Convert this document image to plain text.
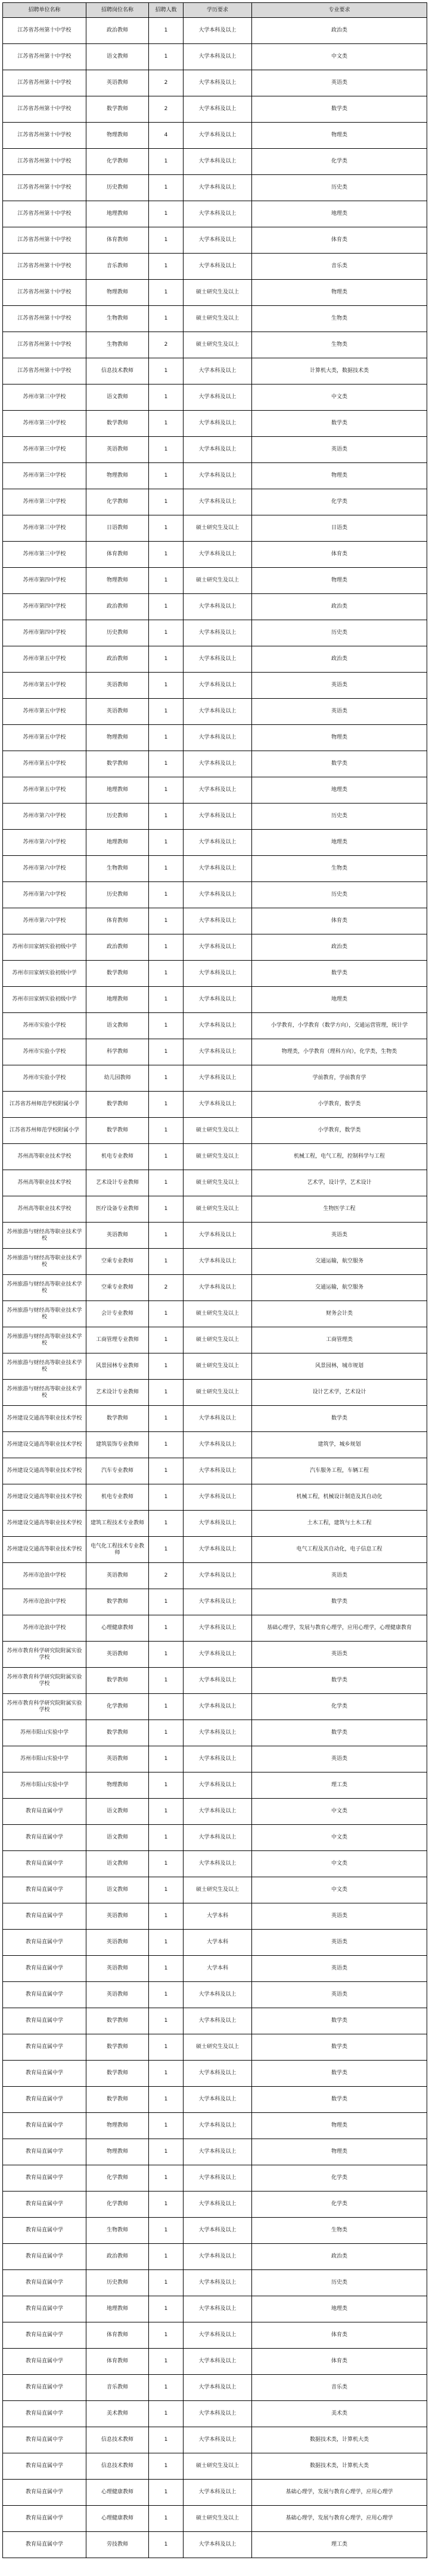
招聘单位名称	招聘岗位名称	招聘人数	学历要求	专业要求
江苏省苏州第十中学校	政治教师	1	大学本科及以上	政治类
江苏省苏州第十中学校	语文教师	1	大学本科及以上	中文类
江苏省苏州第十中学校	英语教师	2	大学本科及以上	英语类
江苏省苏州第十中学校	数学教师	2	大学本科及以上	数学类
江苏省苏州第十中学校	物理教师	4	大学本科及以上	物理类
江苏省苏州第十中学校	化学教师	1	大学本科及以上	化学类
江苏省苏州第十中学校	历史教师	1	大学本科及以上	历史类
江苏省苏州第十中学校	地理教师	1	大学本科及以上	地理类
江苏省苏州第十中学校	体育教师	1	大学本科及以上	体育类
江苏省苏州第十中学校	音乐教师	1	大学本科及以上	音乐类
江苏省苏州第十中学校	物理教师	1	硕士研究生及以上	物理类
江苏省苏州第十中学校	生物教师	1	硕士研究生及以上	生物类
江苏省苏州第十中学校	生物教师	2	硕士研究生及以上	生物类
江苏省苏州第十中学校	信息技术教师	1	大学本科及以上	计算机大类，数据技术类
苏州市第三中学校	语文教师	1	大学本科及以上	中文类
苏州市第三中学校	数学教师	1	大学本科及以上	数学类
苏州市第三中学校	英语教师	1	大学本科及以上	英语类
苏州市第三中学校	物理教师	1	大学本科及以上	物理类
苏州市第三中学校	化学教师	1	大学本科及以上	化学类
苏州市第三中学校	日语教师	1	硕士研究生及以上	日语类
苏州市第三中学校	体育教师	1	大学本科及以上	体育类
苏州市第四中学校	物理教师	1	硕士研究生及以上	物理类
苏州市第四中学校	政治教师	1	大学本科及以上	政治类
苏州市第四中学校	历史教师	1	大学本科及以上	历史类
苏州市第五中学校	政治教师	1	大学本科及以上	政治类
苏州市第五中学校	英语教师	1	大学本科及以上	英语类
苏州市第五中学校	英语教师	1	大学本科及以上	英语类
苏州市第五中学校	物理教师	1	大学本科及以上	物理类
苏州市第五中学校	数学教师	1	大学本科及以上	数学类
苏州市第五中学校	地理教师	1	大学本科及以上	地理类
苏州市第六中学校	历史教师	1	大学本科及以上	历史类
苏州市第六中学校	地理教师	1	大学本科及以上	地理类
苏州市第六中学校	生物教师	1	大学本科及以上	生物类
苏州市第六中学校	历史教师	1	大学本科及以上	历史类
苏州市第六中学校	体育教师	1	大学本科及以上	体育类
苏州市田家炳实验初级中学	政治教师	1	大学本科及以上	政治类
苏州市田家炳实验初级中学	数学教师	1	大学本科及以上	数学类
苏州市田家炳实验初级中学	地理教师	1	大学本科及以上	地理类
苏州市实验小学校	语文教师	1	大学本科及以上	小学教育，小学教育（数学方向），交通运营管理，统计学
苏州市实验小学校	科学教师	1	大学本科及以上	物理类，小学教育（理科方向），化学类，生物类
苏州市实验小学校	幼儿园教师	1	大学本科及以上	学前教育，学前教育学
江苏省苏州师范学校附属小学	数学教师	1	大学本科及以上	小学教育，数学类
江苏省苏州师范学校附属小学	数学教师	1	硕士研究生及以上	小学教育，数学类
苏州高等职业技术学校	机电专业教师	1	硕士研究生及以上	机械工程，电气工程，控制科学与工程
苏州高等职业技术学校	艺术设计专业教师	1	硕士研究生及以上	艺术学，设计学，艺术设计
苏州高等职业技术学校	医疗设备专业教师	1	硕士研究生及以上	生物医学工程
苏州旅游与财经高等职业技术学校	英语教师	1	大学本科及以上	英语类
苏州旅游与财经高等职业技术学校	空乘专业教师	1	大学本科及以上	交通运输，航空服务
苏州旅游与财经高等职业技术学校	空乘专业教师	2	大学本科及以上	交通运输，航空服务
苏州旅游与财经高等职业技术学校	会计专业教师	1	硕士研究生及以上	财务会计类
苏州旅游与财经高等职业技术学校	工商管理专业教师	1	硕士研究生及以上	工商管理类
苏州旅游与财经高等职业技术学校	风景园林专业教师	1	硕士研究生及以上	风景园林，城市规划
苏州旅游与财经高等职业技术学校	艺术设计专业教师	1	硕士研究生及以上	设计艺术学，艺术设计
苏州建设交通高等职业技术学校	数学教师	1	大学本科及以上	数学类
苏州建设交通高等职业技术学校	建筑装饰专业教师	1	大学本科及以上	建筑学，城乡规划
苏州建设交通高等职业技术学校	汽车专业教师	1	大学本科及以上	汽车服务工程，车辆工程
苏州建设交通高等职业技术学校	机电专业教师	1	大学本科及以上	机械工程，机械设计制造及其自动化
苏州建设交通高等职业技术学校	建筑工程技术专业教师	1	大学本科及以上	土木工程，建筑与土木工程
苏州建设交通高等职业技术学校	电气化工程技术专业教师	1	大学本科及以上	电气工程及其自动化，电子信息工程
苏州市沧浪中学校	英语教师	2	大学本科及以上	英语类
苏州市沧浪中学校	数学教师	1	大学本科及以上	数学类
苏州市沧浪中学校	心理健康教师	1	大学本科及以上	基础心理学，发展与教育心理学，应用心理学，心理健康教育
苏州市教育科学研究院附属实验学校	英语教师	1	大学本科及以上	英语类
苏州市教育科学研究院附属实验学校	数学教师	1	大学本科及以上	数学类
苏州市教育科学研究院附属实验学校	化学教师	1	大学本科及以上	化学类
苏州市阳山实验中学	数学教师	1	大学本科及以上	数学类
苏州市阳山实验中学	英语教师	1	大学本科及以上	英语类
苏州市阳山实验中学	物理教师	1	大学本科及以上	理工类
教育局直属中学	语文教师	1	大学本科及以上	中文类
教育局直属中学	语文教师	1	大学本科及以上	中文类
教育局直属中学	语文教师	1	大学本科及以上	中文类
教育局直属中学	语文教师	1	硕士研究生及以上	中文类
教育局直属中学	英语教师	1	大学本科	英语类
教育局直属中学	英语教师	1	大学本科	英语类
教育局直属中学	英语教师	1	大学本科	英语类
教育局直属中学	英语教师	1	大学本科及以上	英语类
教育局直属中学	数学教师	1	大学本科及以上	数学类
教育局直属中学	数学教师	1	硕士研究生及以上	数学类
教育局直属中学	数学教师	1	大学本科及以上	数学类
教育局直属中学	数学教师	1	大学本科及以上	数学类
教育局直属中学	物理教师	1	大学本科及以上	物理类
教育局直属中学	物理教师	1	大学本科及以上	物理类
教育局直属中学	化学教师	1	大学本科及以上	化学类
教育局直属中学	化学教师	1	大学本科及以上	化学类
教育局直属中学	生物教师	1	大学本科及以上	生物类
教育局直属中学	政治教师	1	大学本科及以上	政治类
教育局直属中学	历史教师	1	大学本科及以上	历史类
教育局直属中学	地理教师	1	大学本科及以上	地理类
教育局直属中学	体育教师	1	大学本科及以上	体育类
教育局直属中学	体育教师	1	大学本科及以上	体育类
教育局直属中学	音乐教师	1	大学本科及以上	音乐类
教育局直属中学	美术教师	1	大学本科及以上	美术类
教育局直属中学	信息技术教师	1	大学本科及以上	数据技术类，计算机大类
教育局直属中学	信息技术教师	1	硕士研究生及以上	数据技术类，计算机大类
教育局直属中学	心理健康教师	1	大学本科及以上	基础心理学，发展与教育心理学，应用心理学
教育局直属中学	心理健康教师	1	硕士研究生及以上	基础心理学，发展与教育心理学，应用心理学
教育局直属中学	劳技教师	1	大学本科及以上	理工类
